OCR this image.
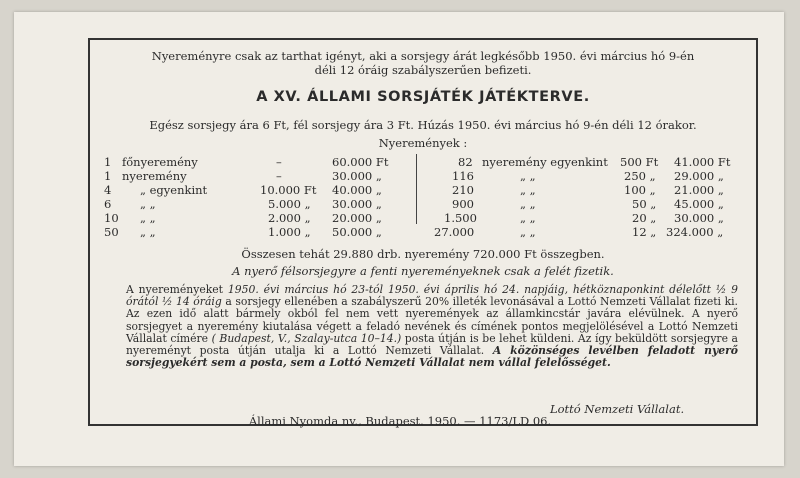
Nyereményre csak az tarthat igényt, aki a sorsjegy árát legkésőbb 1950. évi március hó 9-én
déli 12 óráig szabályszerűen befizeti.
A XV. ÁLLAMI SORSJÁTÉK JÁTÉKTERVE.
Egész sorsjegy ára 6 Ft, fél sorsjegy ára 3 Ft. Húzás 1950. évi március hó 9-én déli 12 órakor.
Nyeremények :
1 főnyeremény	–	60.000 Ft
1 nyeremény	–	30.000 „
4 „ egyenkint	10.000 Ft 40.000 „
6 „ „	5.000 „ 30.000 „
10 „ „	2.000 „ 20.000 „
50 „ „	1.000 „ 50.000 „
82 nyeremény egyenkint 500 Ft 41.000 Ft
116	„ „	250 „ 29.000 „
210	„ „	100 „ 21.000 „
900	„ „	50 „ 45.000 „
1.500	„ „	20 „ 30.000 „
27.000	„ „	12 „ 324.000 „
Összesen tehát 29.880 drb. nyeremény 720.000 Ft összegben.
A nyerő félsorsjegyre a fenti nyereményeknek csak a felét fizetik.
A nyereményeket 1950. évi március hó 23-tól 1950. évi április hó 24. napjáig, hétköznaponkint délelőtt ½ 9 órától ½ 14 óráig a sorsjegy ellenében a szabályszerű 20% illeték levonásával a Lottó Nemzeti Vállalat fizeti ki. Az ezen idő alatt bármely okból fel nem vett nyeremények az államkincstár javára elévülnek. A nyerő sorsjegyet a nyeremény kiutalása végett a feladó nevének és címének pontos megjelölésével a Lottó Nemzeti Vállalat címére ( Budapest, V., Szalay-utca 10–14.) posta útján is be lehet küldeni. Az így beküldött sorsjegyre a nyereményt posta útján utalja ki a Lottó Nemzeti Vállalat. A közönséges levélben feladott nyerő sorsjegyekért sem a posta, sem a Lottó Nemzeti Vállalat nem vállal felelősséget.
Lottó Nemzeti Vállalat.
Állami Nyomda nv., Budapest. 1950. — 1173/LD 06.
